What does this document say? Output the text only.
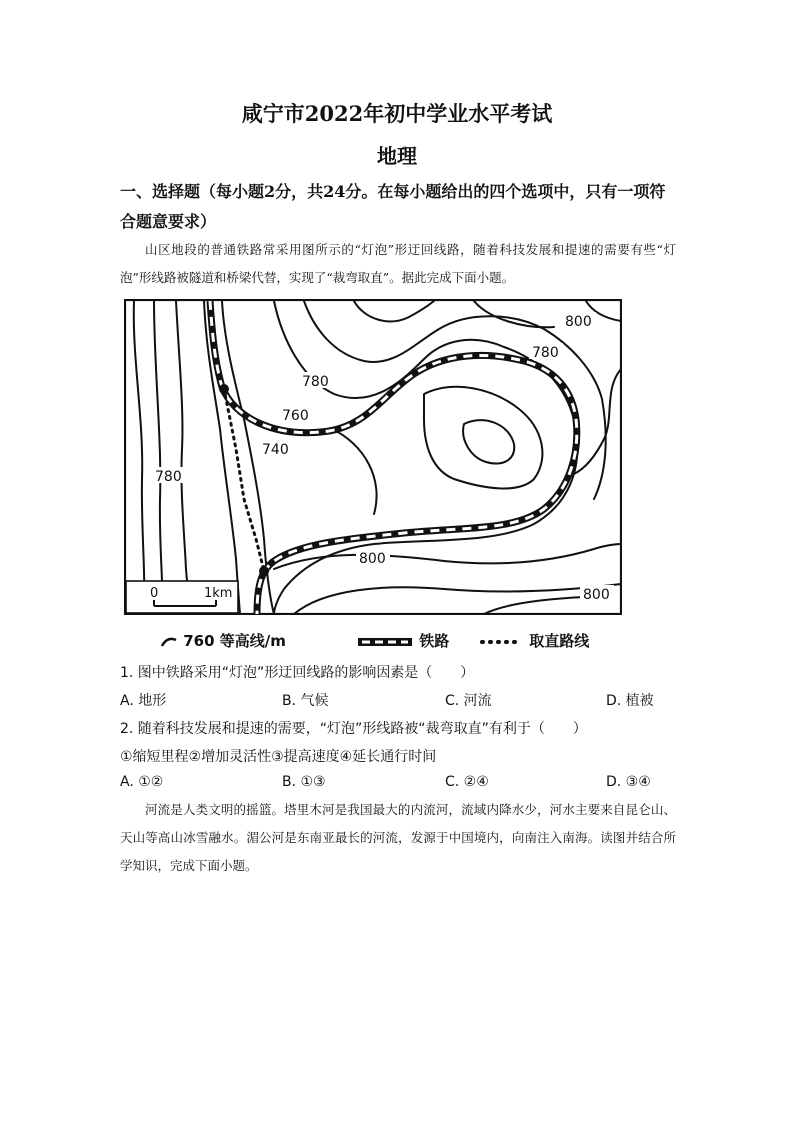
咸宁市2022年初中学业水平考试
地理
一、选择题（每小题2分，共24分。在每小题给出的四个选项中，只有一项符合题意要求）
山区地段的普通铁路常采用图所示的“灯泡”形迂回线路，随着科技发展和提速的需要有些“灯泡”形线路被隧道和桥梁代替，实现了“裁弯取直”。据此完成下面小题。
800
780
780
760
740
780
800
800
0	1km
760 等高线/m	铁路	取直路线
1. 图中铁路采用“灯泡”形迂回线路的影响因素是（　　）
A. 地形	B. 气候	C. 河流	D. 植被
2. 随着科技发展和提速的需要，“灯泡”形线路被“裁弯取直”有利于（　　）
①缩短里程②增加灵活性③提高速度④延长通行时间
A. ①②	B. ①③	C. ②④	D. ③④
河流是人类文明的摇篮。塔里木河是我国最大的内流河，流域内降水少，河水主要来自昆仑山、天山等高山冰雪融水。湄公河是东南亚最长的河流，发源于中国境内，向南注入南海。读图并结合所学知识，完成下面小题。
